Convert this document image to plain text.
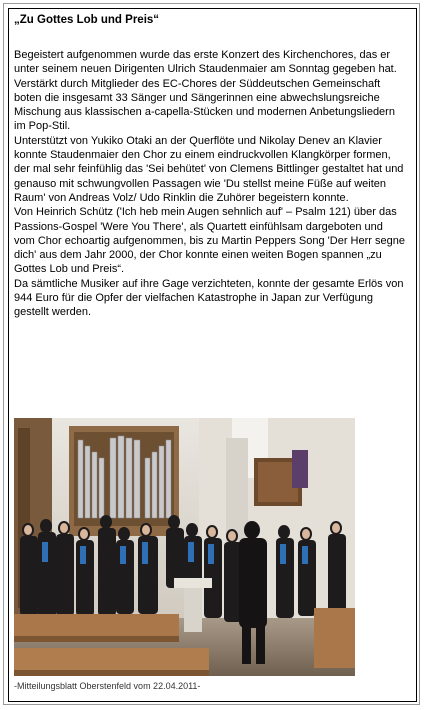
„Zu Gottes Lob und Preis“

Begeistert aufgenommen wurde das erste Konzert des Kirchenchores, das er unter seinem neuen Dirigenten Ulrich Staudenmaier am Sonntag gegeben hat. Verstärkt durch Mitglieder des EC-Chores der Süddeutschen Gemeinschaft boten die insgesamt 33 Sänger und Sängerinnen eine abwechslungsreiche Mischung aus klassischen a-capella-Stücken und modernen Anbetungsliedern im Pop-Stil.

Unterstützt von Yukiko Otaki an der Querflöte und Nikolay Denev an Klavier konnte Staudenmaier den Chor zu einem eindruckvollen Klangkörper formen, der mal sehr feinfühlig das 'Sei behütet' von Clemens Bittlinger gestaltet hat und genauso mit schwungvollen Passagen wie 'Du stellst meine Füße auf weiten Raum' von Andreas Volz/ Udo Rinklin die Zuhörer begeistern konnte.

Von Heinrich Schütz ('Ich heb mein Augen sehnlich auf' – Psalm 121) über das Passions-Gospel 'Were You There', als Quartett einfühlsam dargeboten und vom Chor echoartig aufgenommen, bis zu Martin Peppers Song 'Der Herr segne dich' aus dem Jahr 2000, der Chor konnte einen weiten Bogen spannen „zu Gottes Lob und Preis“.

Da sämtliche Musiker auf ihre Gage verzichteten, konnte der gesamte Erlös von 944 Euro für die Opfer der vielfachen Katastrophe in Japan zur Verfügung gestellt werden.

-Mitteilungsblatt Oberstenfeld vom 22.04.2011-
